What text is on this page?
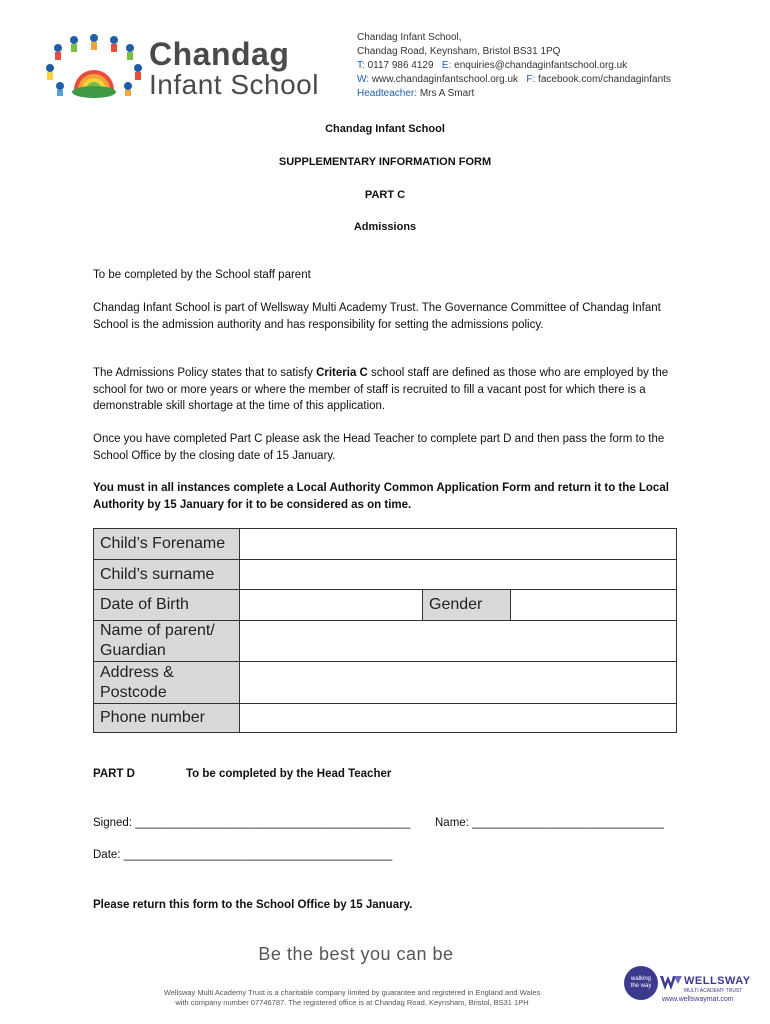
Chandag
Infant School
Chandag Infant School,
Chandag Road, Keynsham, Bristol BS31 1PQ
T: 0117 986 4129 E: enquiries@chandaginfantschool.org.uk
W: www.chandaginfantschool.org.uk F: facebook.com/chandaginfants
Headteacher: Mrs A Smart
Chandag Infant School
SUPPLEMENTARY INFORMATION FORM
PART C
Admissions
To be completed by the School staff parent
Chandag Infant School is part of Wellsway Multi Academy Trust. The Governance Committee of Chandag Infant School is the admission authority and has responsibility for setting the admissions policy.
The Admissions Policy states that to satisfy Criteria C school staff are defined as those who are employed by the school for two or more years or where the member of staff is recruited to fill a vacant post for which there is a demonstrable skill shortage at the time of this application.
Once you have completed Part C please ask the Head Teacher to complete part D and then pass the form to the School Office by the closing date of 15 January.
You must in all instances complete a Local Authority Common Application Form and return it to the Local Authority by 15 January for it to be considered as on time.
Child’s Forename			
Child’s surname			
Date of Birth		Gender	
Name of parent/ Guardian			
Address & Postcode			
Phone number			
PART D	To be completed by the Head Teacher
Signed: ___________________________________________ Name: ______________________________
Date: __________________________________________
Please return this form to the School Office by 15 January.
Be the best you can be
Wellsway Multi Academy Trust is a charitable company limited by guarantee and registered in England and Wales
with company number 07746787. The registered office is at Chandag Road, Keynsham, Bristol, BS31 1PH
walking the way	WELLSWAY
MULTI ACADEMY TRUST
www.wellswaymat.com
